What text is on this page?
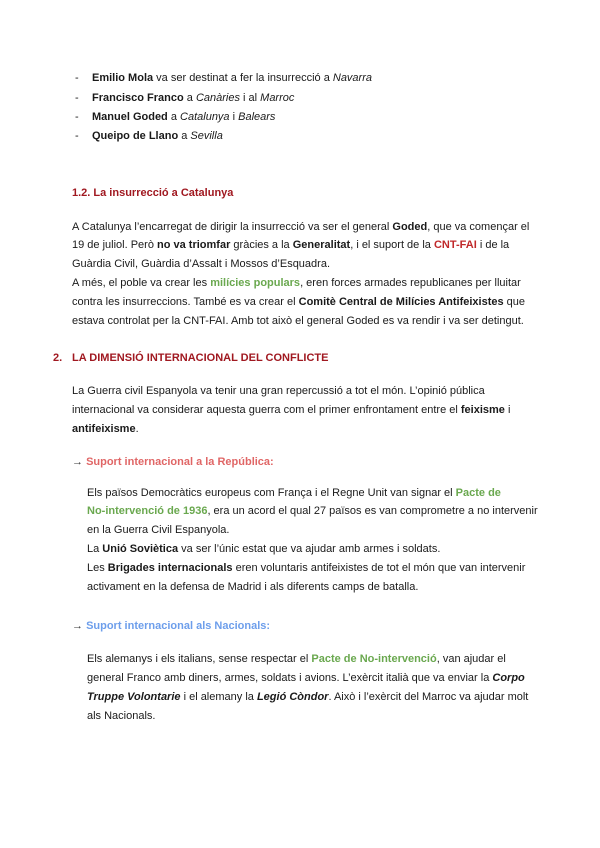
- Emilio Mola va ser destinat a fer la insurrecció a Navarra
- Francisco Franco a Canàries i al Marroc
- Manuel Goded a Catalunya i Balears
- Queipo de Llano a Sevilla
1.2. La insurrecció a Catalunya
A Catalunya l’encarregat de dirigir la insurrecció va ser el general Goded, que va començar el
19 de juliol. Però no va triomfar gràcies a la Generalitat, i el suport de la CNT-FAI i de la
Guàrdia Civil, Guàrdia d’Assalt i Mossos d’Esquadra.
A més, el poble va crear les milícies populars, eren forces armades republicanes per lluitar
contra les insurreccions. També es va crear el Comitè Central de Milícies Antifeixistes que
estava controlat per la CNT-FAI. Amb tot això el general Goded es va rendir i va ser detingut.
2. LA DIMENSIÓ INTERNACIONAL DEL CONFLICTE
La Guerra civil Espanyola va tenir una gran repercussió a tot el món. L’opinió pública
internacional va considerar aquesta guerra com el primer enfrontament entre el feixisme i
antifeixisme.
→ Suport internacional a la República:
Els països Democràtics europeus com França i el Regne Unit van signar el Pacte de
No-intervenció de 1936, era un acord el qual 27 països es van comprometre a no intervenir
en la Guerra Civil Espanyola.
La Unió Soviètica va ser l’únic estat que va ajudar amb armes i soldats.
Les Brigades internacionals eren voluntaris antifeixistes de tot el món que van intervenir
activament en la defensa de Madrid i als diferents camps de batalla.
→ Suport internacional als Nacionals:
Els alemanys i els italians, sense respectar el Pacte de No-intervenció, van ajudar el
general Franco amb diners, armes, soldats i avions. L’exèrcit italià que va enviar la Corpo
Truppe Volontarie i el alemany la Legió Còndor. Això i l’exèrcit del Marroc va ajudar molt
als Nacionals.
